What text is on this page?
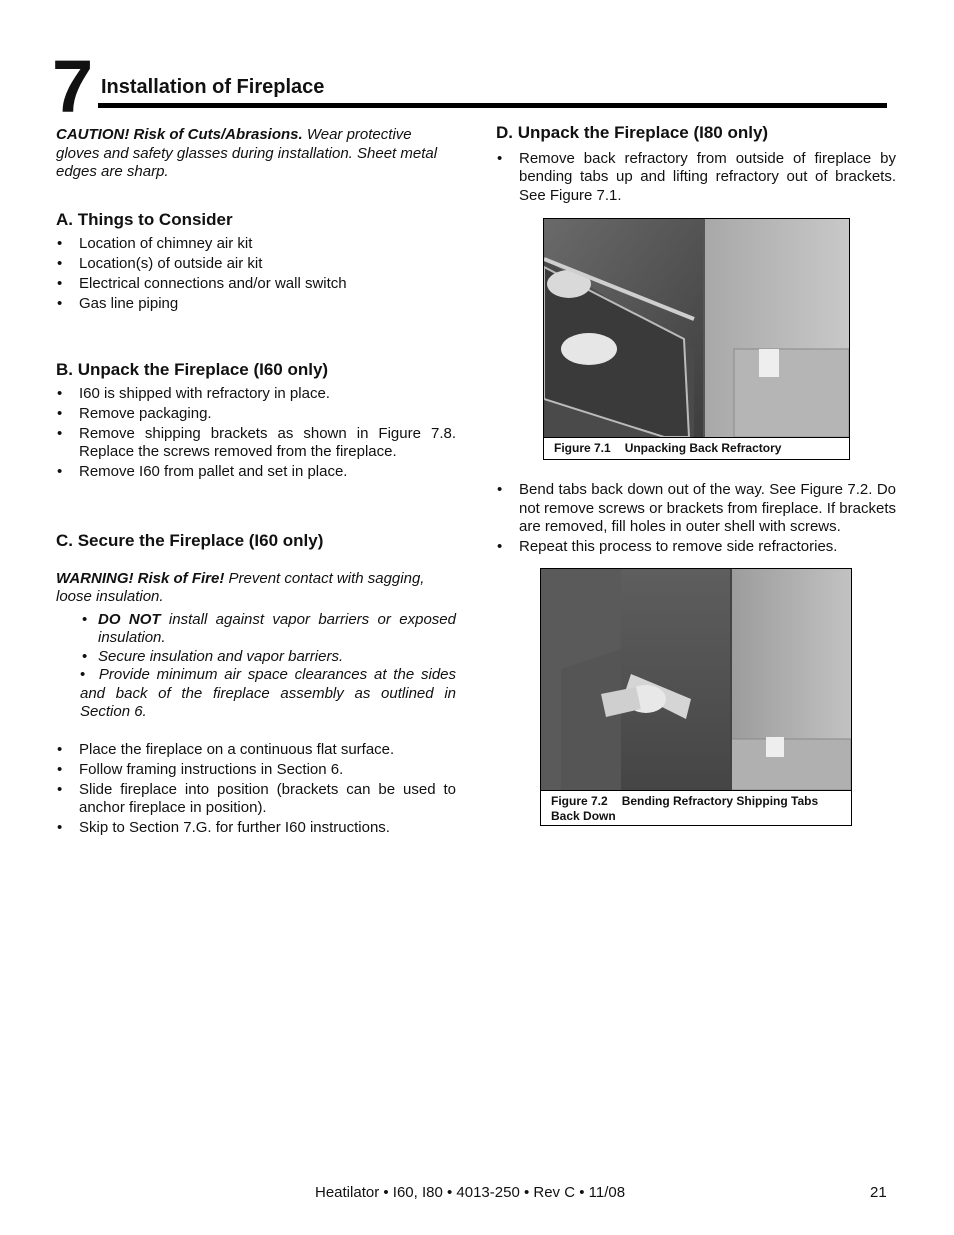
7 Installation of Fireplace

CAUTION! Risk of Cuts/Abrasions. Wear protective gloves and safety glasses during installation. Sheet metal edges are sharp.

A. Things to Consider

• Location of chimney air kit
• Location(s) of outside air kit
• Electrical connections and/or wall switch
• Gas line piping

B. Unpack the Fireplace (I60 only)

• I60 is shipped with refractory in place.
• Remove packaging.
• Remove shipping brackets as shown in Figure 7.8. Replace the screws removed from the fireplace.
• Remove I60 from pallet and set in place.

C. Secure the Fireplace (I60 only)

WARNING! Risk of Fire! Prevent contact with sagging, loose insulation.

• DO NOT install against vapor barriers or exposed insulation.
• Secure insulation and vapor barriers.
• Provide minimum air space clearances at the sides and back of the fireplace assembly as outlined in Section 6.
• Place the fireplace on a continuous flat surface.
• Follow framing instructions in Section 6.
• Slide fireplace into position (brackets can be used to anchor fireplace in position).
• Skip to Section 7.G. for further I60 instructions.

D. Unpack the Fireplace (I80 only)

• Remove back refractory from outside of fireplace by bending tabs up and lifting refractory out of brackets. See Figure 7.1.
Figure 7.1 Unpacking Back Refractory
• Bend tabs back down out of the way. See Figure 7.2. Do not remove screws or brackets from fireplace. If brackets are removed, fill holes in outer shell with screws.
• Repeat this process to remove side refractories.
Figure 7.2 Bending Refractory Shipping Tabs Back Down
Heatilator • I60, I80 • 4013-250 • Rev C • 11/08	21
